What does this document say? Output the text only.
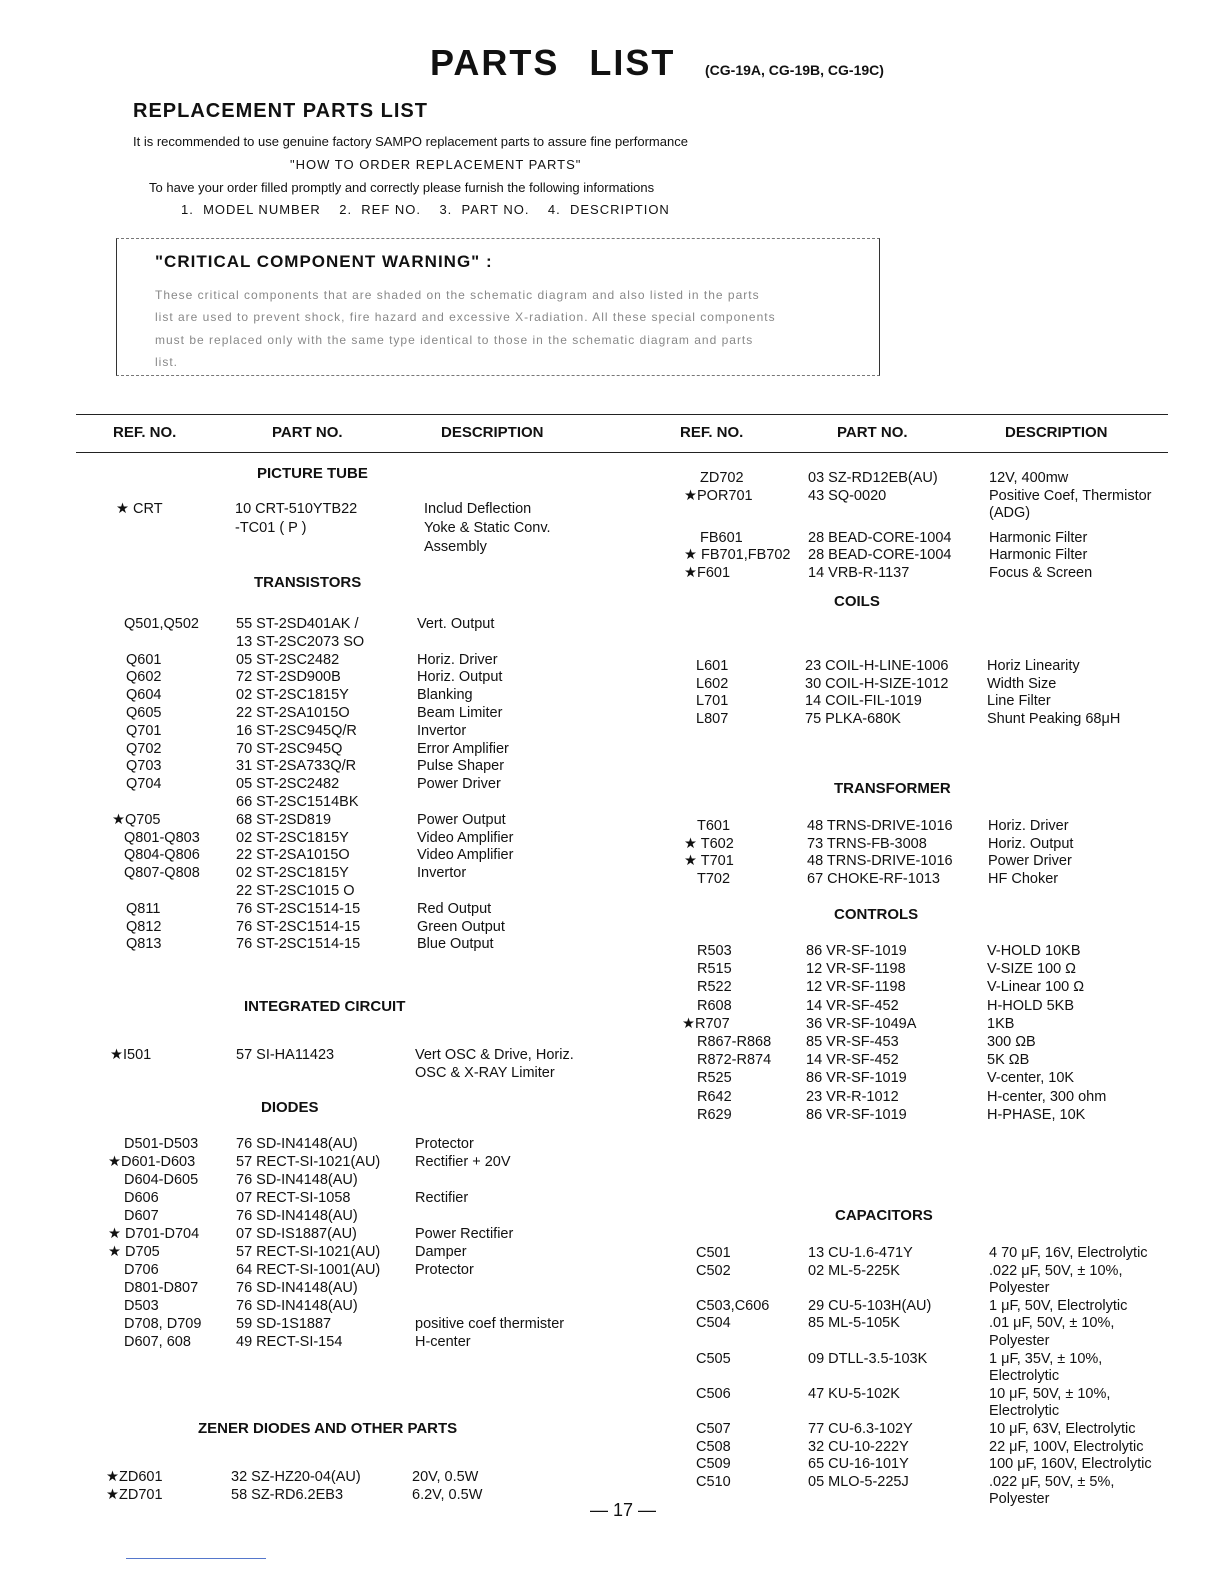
PARTS LIST (CG-19A, CG-19B, CG-19C)
REPLACEMENT PARTS LIST
It is recommended to use genuine factory SAMPO replacement parts to assure fine performance
"HOW TO ORDER REPLACEMENT PARTS"
To have your order filled promptly and correctly please furnish the following informations
1.  MODEL NUMBER    2.  REF NO.    3.  PART NO.    4.  DESCRIPTION
"CRITICAL COMPONENT WARNING" :
These critical components that are shaded on the schematic diagram and also listed in the parts
list are used to prevent shock, fire hazard and excessive X-radiation. All these special components
must be replaced only with the same type identical to those in the schematic diagram and parts
list.
REF. NO.	PART NO.	DESCRIPTION	REF. NO.	PART NO.	DESCRIPTION
PICTURE TUBE
TRANSISTORS
INTEGRATED CIRCUIT
DIODES
ZENER DIODES AND OTHER PARTS
COILS
TRANSFORMER
CONTROLS
CAPACITORS
★ CRT	10 CRT-510YTB22	Includ Deflection
-TC01 ( P )	Yoke & Static Conv.
Assembly
Q501,Q502	55 ST-2SD401AK /	Vert. Output
13 ST-2SC2073 SO
Q601	05 ST-2SC2482	Horiz. Driver
Q602	72 ST-2SD900B	Horiz. Output
Q604	02 ST-2SC1815Y	Blanking
Q605	22 ST-2SA1015O	Beam Limiter
Q701	16 ST-2SC945Q/R	Invertor
Q702	70 ST-2SC945Q	Error Amplifier
Q703	31 ST-2SA733Q/R	Pulse Shaper
Q704	05 ST-2SC2482	Power Driver
66 ST-2SC1514BK
★Q705	68 ST-2SD819	Power Output
Q801-Q803 02 ST-2SC1815Y	Video Amplifier
Q804-Q806 22 ST-2SA1015O	Video Amplifier
Q807-Q808 02 ST-2SC1815Y	Invertor
22 ST-2SC1015 O
Q811	76 ST-2SC1514-15	Red Output
Q812	76 ST-2SC1514-15	Green Output
Q813	76 ST-2SC1514-15	Blue Output
★I501	57 SI-HA11423	Vert OSC & Drive, Horiz.
OSC & X-RAY Limiter
D501-D503	76 SD-IN4148(AU)	Protector
★D601-D603	57 RECT-SI-1021(AU) Rectifier + 20V
D604-D605	76 SD-IN4148(AU)
D606	07 RECT-SI-1058	Rectifier
D607	76 SD-IN4148(AU)
★ D701-D704	07 SD-IS1887(AU)	Power Rectifier
★ D705	57 RECT-SI-1021(AU) Damper
D706	64 RECT-SI-1001(AU) Protector
D801-D807	76 SD-IN4148(AU)
D503	76 SD-IN4148(AU)
D708, D709 59 SD-1S1887	positive coef thermister
D607, 608	49 RECT-SI-154	H-center
★ZD601	32 SZ-HZ20-04(AU)	20V, 0.5W
★ZD701	58 SZ-RD6.2EB3	6.2V, 0.5W
ZD702	03 SZ-RD12EB(AU)	12V, 400mw
★POR701	43 SQ-0020	Positive Coef, Thermistor
(ADG)
FB601	28 BEAD-CORE-1004	Harmonic Filter
★ FB701,FB702 28 BEAD-CORE-1004	Harmonic Filter
★F601	14 VRB-R-1137	Focus & Screen
L601	23 COIL-H-LINE-1006	Horiz Linearity
L602	30 COIL-H-SIZE-1012	Width Size
L701	14 COIL-FIL-1019	Line Filter
L807	75 PLKA-680K	Shunt Peaking 68μH
T601	48 TRNS-DRIVE-1016 Horiz. Driver
★ T602	73 TRNS-FB-3008	Horiz. Output
★ T701	48 TRNS-DRIVE-1016 Power Driver
T702	67 CHOKE-RF-1013	HF Choker
R503	86 VR-SF-1019	V-HOLD 10KB
R515	12 VR-SF-1198	V-SIZE 100 Ω
R522	12 VR-SF-1198	V-Linear 100 Ω
R608	14 VR-SF-452	H-HOLD 5KB
★R707	36 VR-SF-1049A	1KB
R867-R868 85 VR-SF-453	300 ΩB
R872-R874 14 VR-SF-452	5K ΩB
R525	86 VR-SF-1019	V-center, 10K
R642	23 VR-R-1012	H-center, 300 ohm
R629	86 VR-SF-1019	H-PHASE, 10K
C501	13 CU-1.6-471Y	4 70 μF, 16V, Electrolytic
C502	02 ML-5-225K	.022 μF, 50V, ± 10%,
Polyester
C503,C606	29 CU-5-103H(AU)	1 μF, 50V, Electrolytic
C504	85 ML-5-105K	.01 μF, 50V, ± 10%,
Polyester
C505	09 DTLL-3.5-103K	1 μF, 35V, ± 10%,
Electrolytic
C506	47 KU-5-102K	10 μF, 50V, ± 10%,
Electrolytic
C507	77 CU-6.3-102Y	10 μF, 63V, Electrolytic
C508	32 CU-10-222Y	22 μF, 100V, Electrolytic
C509	65 CU-16-101Y	100 μF, 160V, Electrolytic
C510	05 MLO-5-225J	.022 μF, 50V, ± 5%,
Polyester
— 17 —
